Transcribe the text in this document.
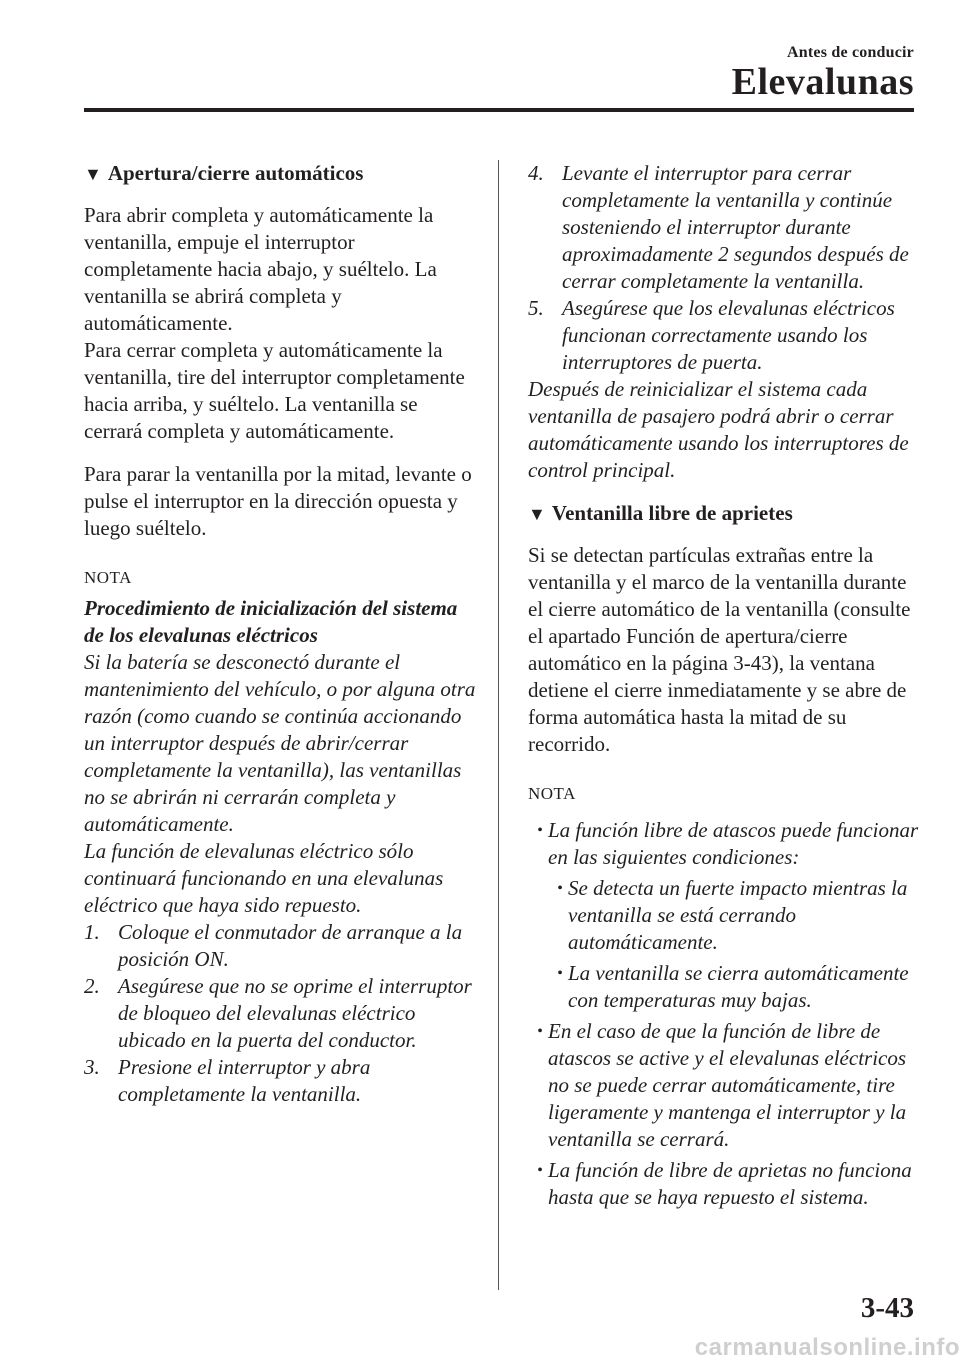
Antes de conducir
Elevalunas

▼ Apertura/cierre automáticos

Para abrir completa y automáticamente la ventanilla, empuje el interruptor completamente hacia abajo, y suéltelo. La ventanilla se abrirá completa y automáticamente.

Para cerrar completa y automáticamente la ventanilla, tire del interruptor completamente hacia arriba, y suéltelo. La ventanilla se cerrará completa y automáticamente.

Para parar la ventanilla por la mitad, levante o pulse el interruptor en la dirección opuesta y luego suéltelo.

NOTA

Procedimiento de inicialización del sistema de los elevalunas eléctricos

Si la batería se desconectó durante el mantenimiento del vehículo, o por alguna otra razón (como cuando se continúa accionando un interruptor después de abrir/cerrar completamente la ventanilla), las ventanillas no se abrirán ni cerrarán completa y automáticamente.

La función de elevalunas eléctrico sólo continuará funcionando en una elevalunas eléctrico que haya sido repuesto.

1. Coloque el conmutador de arranque a la posición ON.
2. Asegúrese que no se oprime el interruptor de bloqueo del elevalunas eléctrico ubicado en la puerta del conductor.
3. Presione el interruptor y abra completamente la ventanilla.
4. Levante el interruptor para cerrar completamente la ventanilla y continúe sosteniendo el interruptor durante aproximadamente 2 segundos después de cerrar completamente la ventanilla.
5. Asegúrese que los elevalunas eléctricos funcionan correctamente usando los interruptores de puerta.

Después de reinicializar el sistema cada ventanilla de pasajero podrá abrir o cerrar automáticamente usando los interruptores de control principal.

▼ Ventanilla libre de aprietes

Si se detectan partículas extrañas entre la ventanilla y el marco de la ventanilla durante el cierre automático de la ventanilla (consulte el apartado Función de apertura/cierre automático en la página 3-43), la ventana detiene el cierre inmediatamente y se abre de forma automática hasta la mitad de su recorrido.

NOTA

• La función libre de atascos puede funcionar en las siguientes condiciones:
• Se detecta un fuerte impacto mientras la ventanilla se está cerrando automáticamente.
• La ventanilla se cierra automáticamente con temperaturas muy bajas.
• En el caso de que la función de libre de atascos se active y el elevalunas eléctricos no se puede cerrar automáticamente, tire ligeramente y mantenga el interruptor y la ventanilla se cerrará.
• La función de libre de aprietas no funciona hasta que se haya repuesto el sistema.
3-43
carmanualsonline.info
